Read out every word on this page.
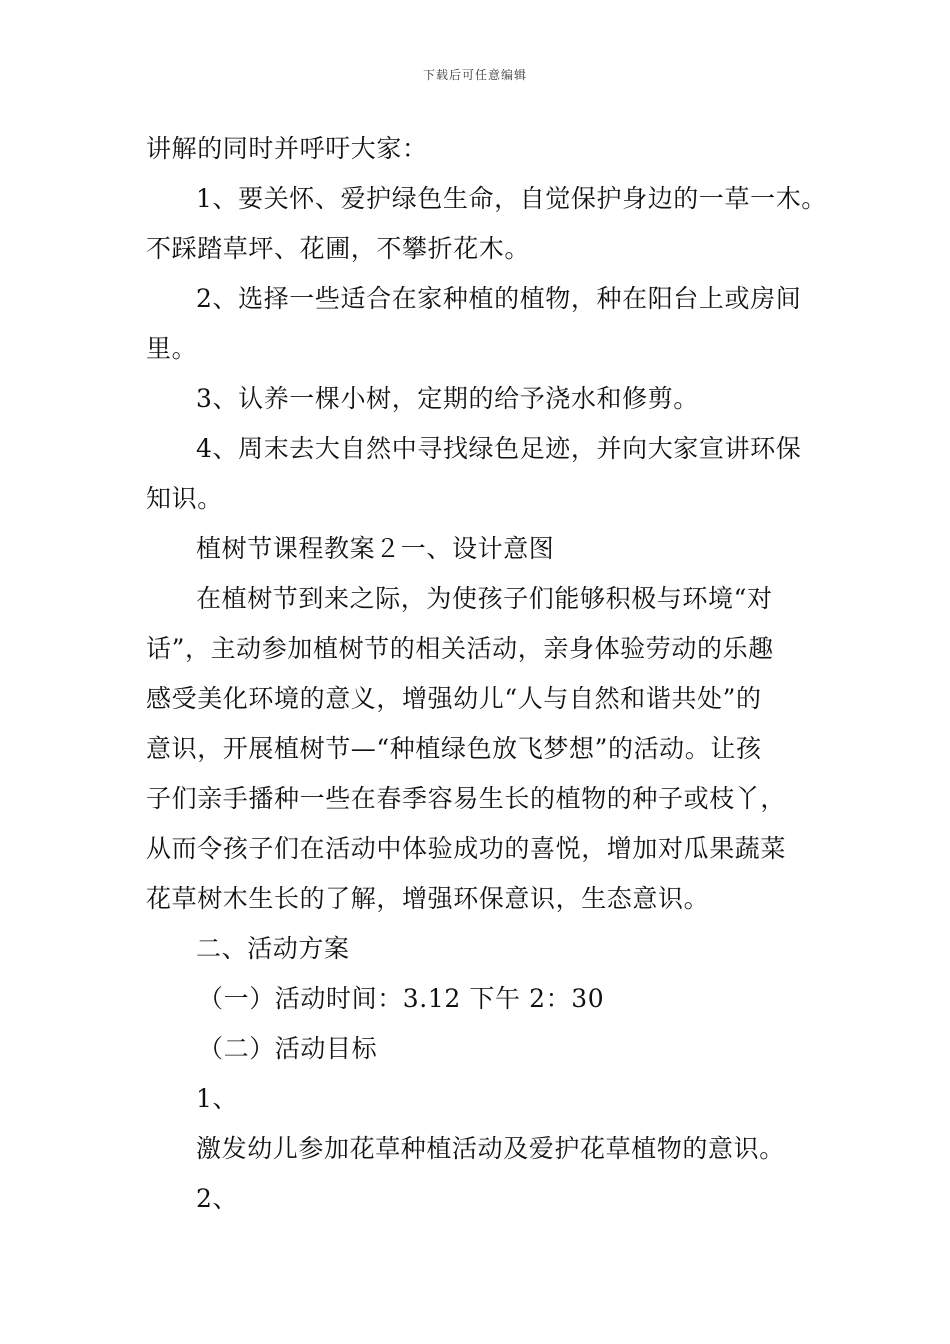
下载后可任意编辑
讲解的同时并呼吁大家：
1、要关怀、爱护绿色生命，自觉保护身边的一草一木。
不踩踏草坪、花圃，不攀折花木。
2、选择一些适合在家种植的植物，种在阳台上或房间
里。
3、认养一棵小树，定期的给予浇水和修剪。
4、周末去大自然中寻找绿色足迹，并向大家宣讲环保
知识。
植树节课程教案２一、设计意图
在植树节到来之际，为使孩子们能够积极与环境“对
话”，主动参加植树节的相关活动，亲身体验劳动的乐趣
感受美化环境的意义，增强幼儿“人与自然和谐共处”的
意识，开展植树节—“种植绿色放飞梦想”的活动。让孩
子们亲手播种一些在春季容易生长的植物的种子或枝丫，
从而令孩子们在活动中体验成功的喜悦，增加对瓜果蔬菜
花草树木生长的了解，增强环保意识，生态意识。
二、活动方案
（一）活动时间：3.12 下午 2：30
（二）活动目标
1、
激发幼儿参加花草种植活动及爱护花草植物的意识。
2、
